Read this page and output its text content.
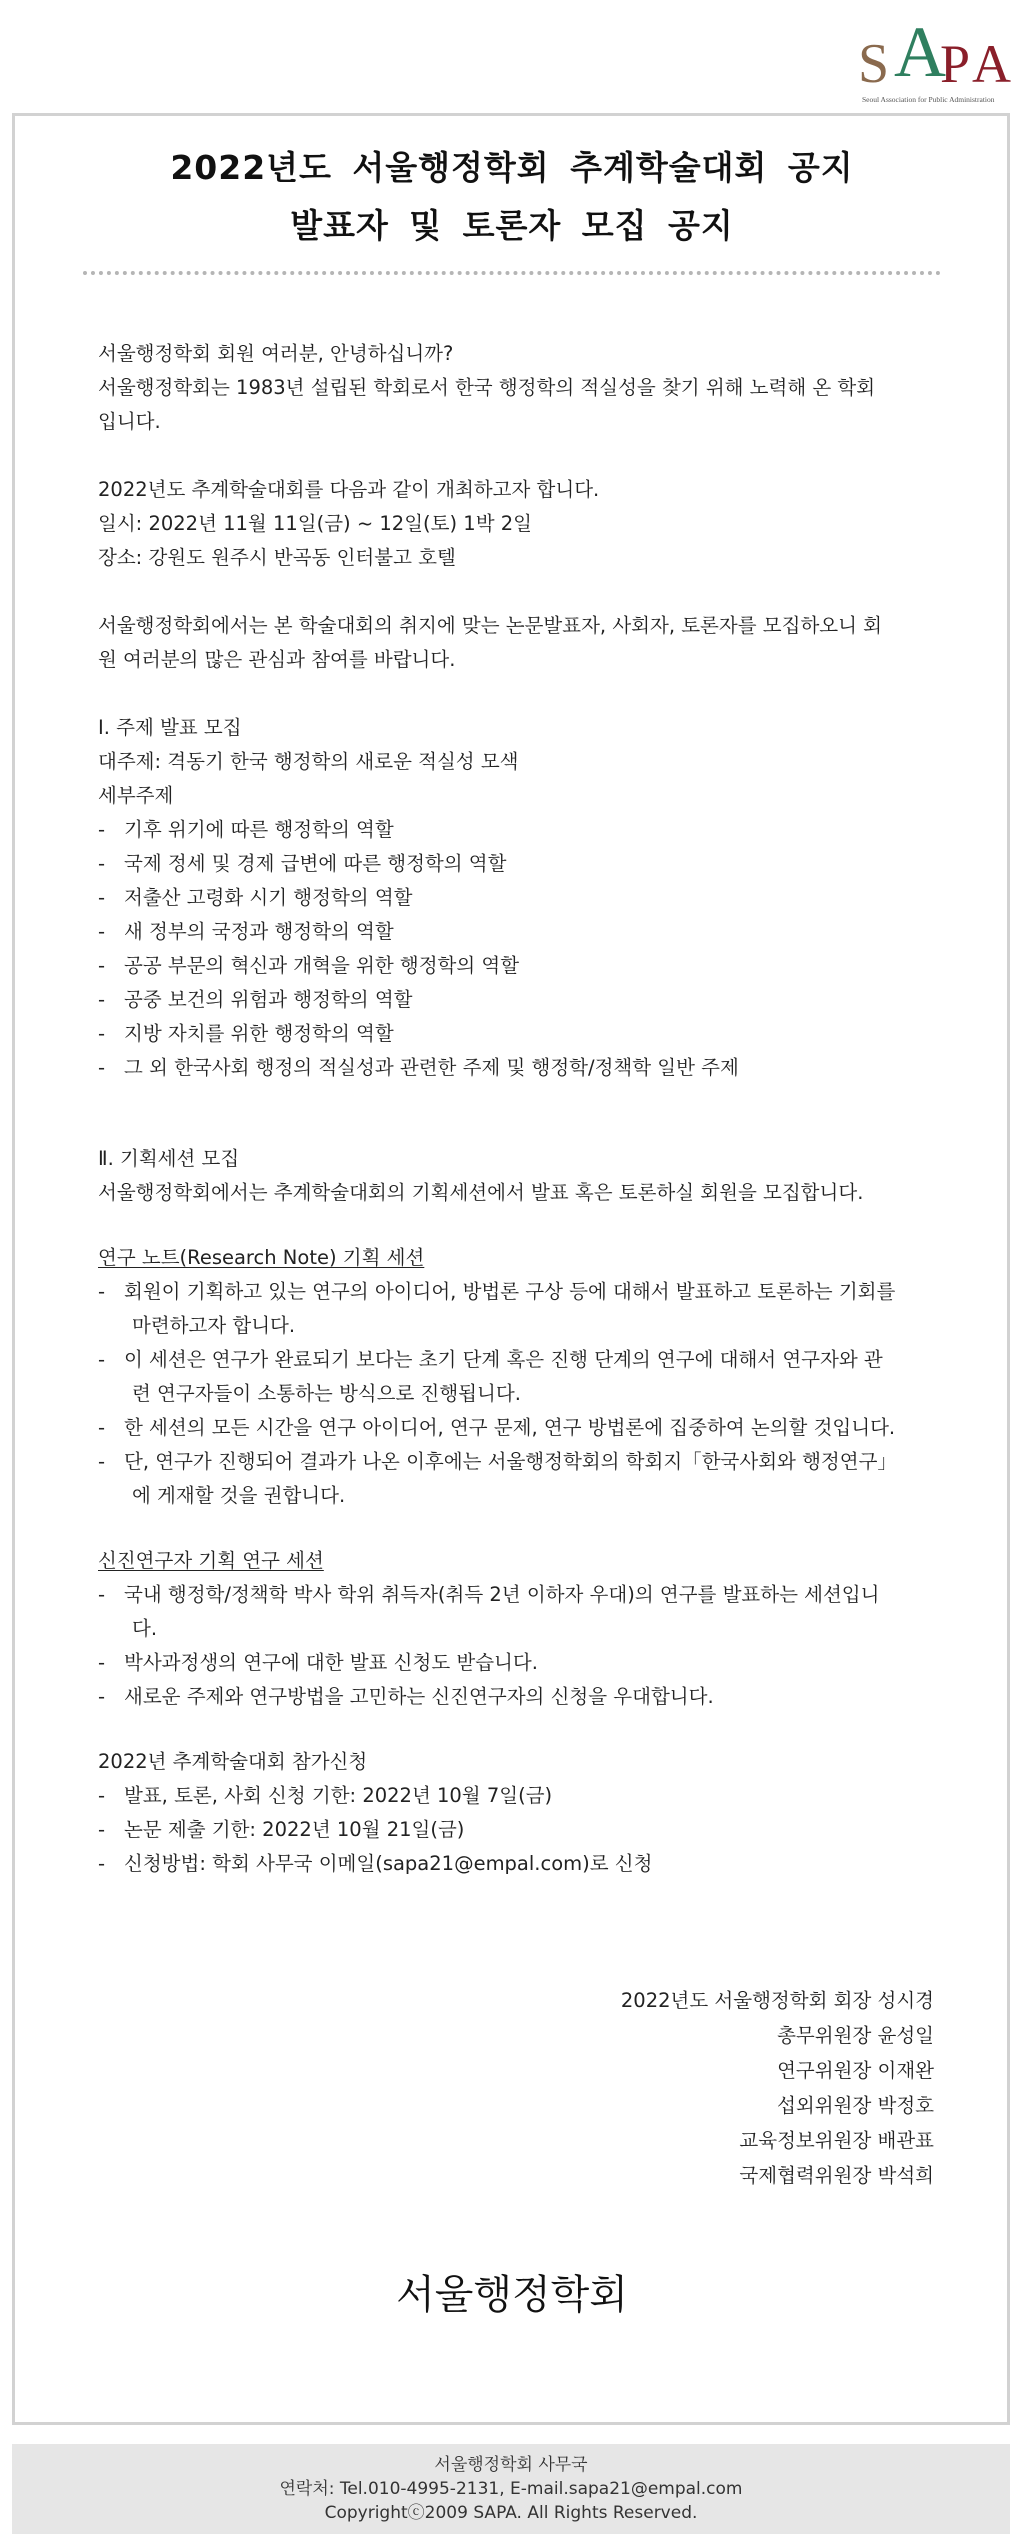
S A
P A
Seoul Association for Public Administration
2022년도 서울행정학회 추계학술대회 공지
발표자 및 토론자 모집 공지

서울행정학회 회원 여러분, 안녕하십니까?

서울행정학회는 1983년 설립된 학회로서 한국 행정학의 적실성을 찾기 위해 노력해 온 학회

입니다.

2022년도 추계학술대회를 다음과 같이 개최하고자 합니다.

일시: 2022년 11월 11일(금) ~ 12일(토) 1박 2일

장소: 강원도 원주시 반곡동 인터불고 호텔

서울행정학회에서는 본 학술대회의 취지에 맞는 논문발표자, 사회자, 토론자를 모집하오니 회

원 여러분의 많은 관심과 참여를 바랍니다.

Ⅰ. 주제 발표 모집

대주제: 격동기 한국 행정학의 새로운 적실성 모색

세부주제

- 기후 위기에 따른 행정학의 역할

- 국제 정세 및 경제 급변에 따른 행정학의 역할

- 저출산 고령화 시기 행정학의 역할

- 새 정부의 국정과 행정학의 역할

- 공공 부문의 혁신과 개혁을 위한 행정학의 역할

- 공중 보건의 위험과 행정학의 역할

- 지방 자치를 위한 행정학의 역할

- 그 외 한국사회 행정의 적실성과 관련한 주제 및 행정학/정책학 일반 주제

Ⅱ. 기획세션 모집

서울행정학회에서는 추계학술대회의 기획세션에서 발표 혹은 토론하실 회원을 모집합니다.

연구 노트(Research Note) 기획 세션

- 회원이 기획하고 있는 연구의 아이디어, 방법론 구상 등에 대해서 발표하고 토론하는 기회를
마련하고자 합니다.
- 이 세션은 연구가 완료되기 보다는 초기 단계 혹은 진행 단계의 연구에 대해서 연구자와 관
련 연구자들이 소통하는 방식으로 진행됩니다.
- 한 세션의 모든 시간을 연구 아이디어, 연구 문제, 연구 방법론에 집중하여 논의할 것입니다.
- 단, 연구가 진행되어 결과가 나온 이후에는 서울행정학회의 학회지「한국사회와 행정연구」
에 게재할 것을 권합니다.

신진연구자 기획 연구 세션

- 국내 행정학/정책학 박사 학위 취득자(취득 2년 이하자 우대)의 연구를 발표하는 세션입니
다.
- 박사과정생의 연구에 대한 발표 신청도 받습니다.
- 새로운 주제와 연구방법을 고민하는 신진연구자의 신청을 우대합니다.

2022년 추계학술대회 참가신청

- 발표, 토론, 사회 신청 기한: 2022년 10월 7일(금)

- 논문 제출 기한: 2022년 10월 21일(금)

- 신청방법: 학회 사무국 이메일(sapa21@empal.com)로 신청

2022년도 서울행정학회 회장 성시경
총무위원장 윤성일
연구위원장 이재완
섭외위원장 박정호
교육정보위원장 배관표
국제협력위원장 박석희
서울행정학회
서울행정학회 사무국
연락처: Tel.010-4995-2131, E-mail.sapa21@empal.com
Copyrightⓒ2009 SAPA. All Rights Reserved.
